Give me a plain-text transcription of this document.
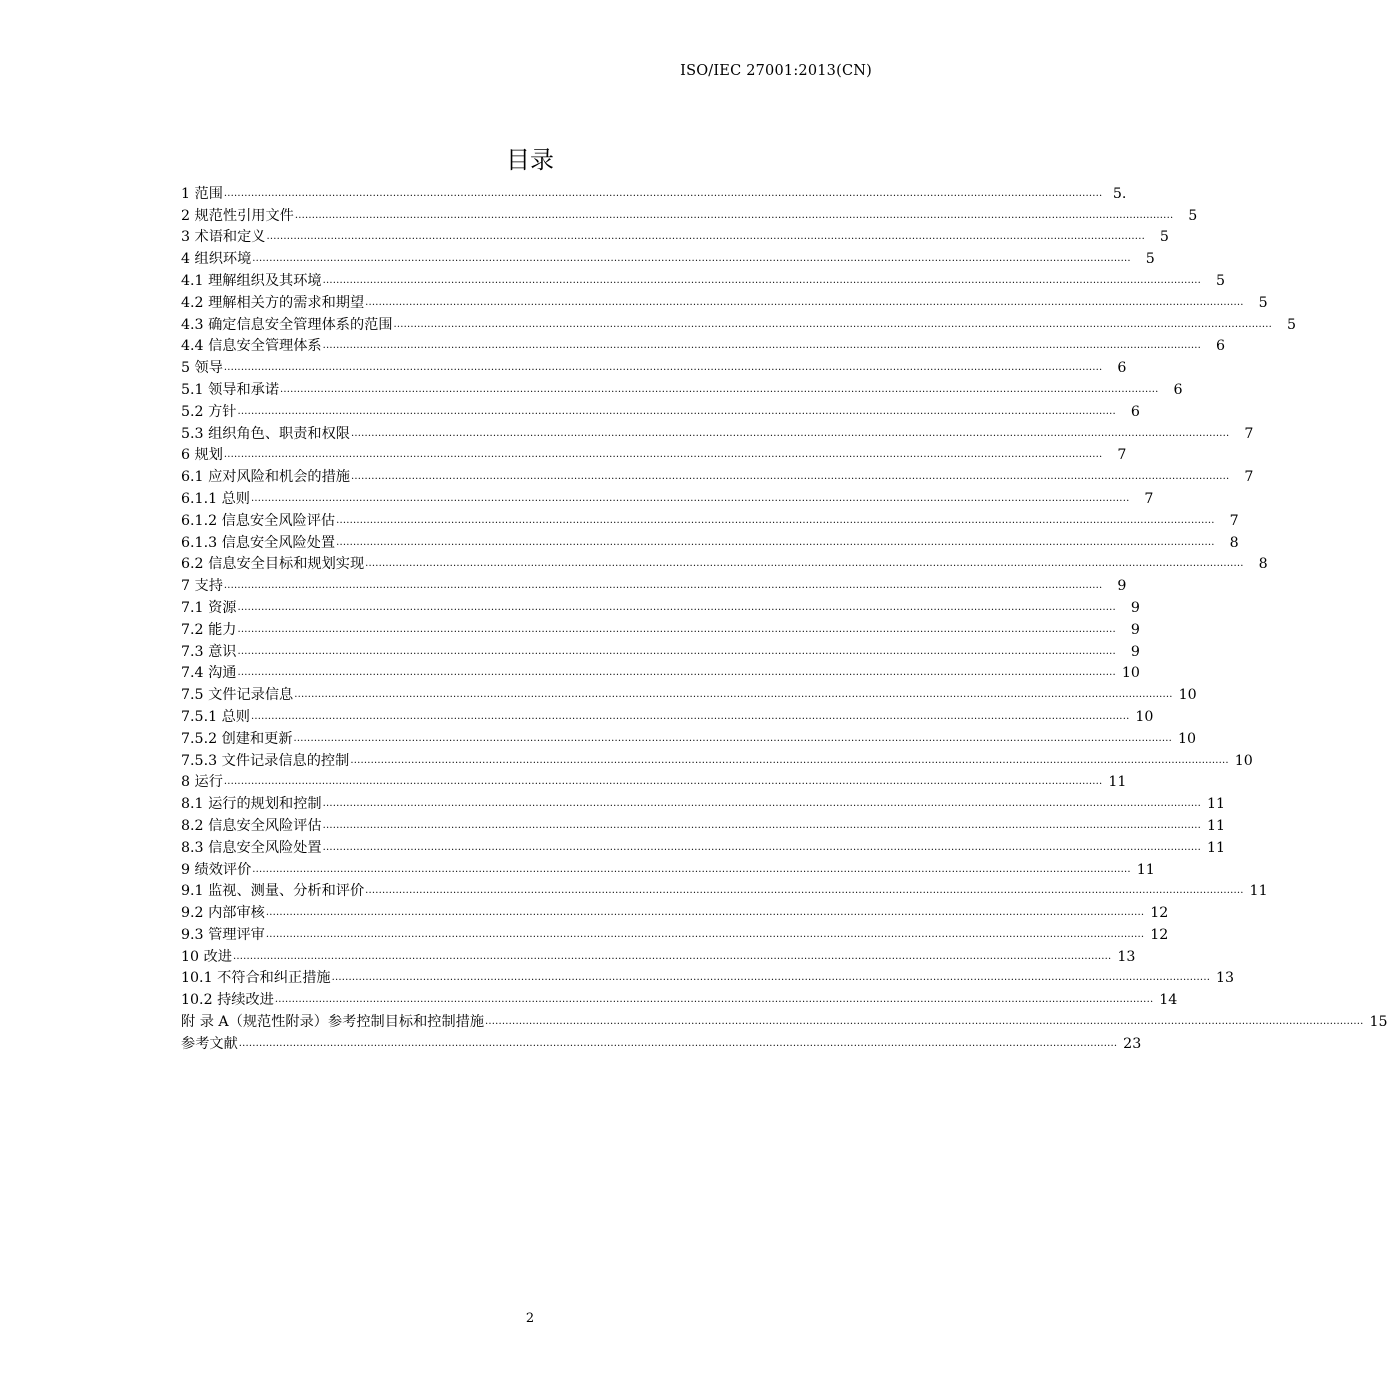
ISO/IEC 27001:2013(CN)
目录
1 范围 .................................................................................................................................................................................................................................................................... 5.
2 规范性引用文件 ....................................................................................................................................................................................................................................................................	5
3 术语和定义 ....................................................................................................................................................................................................................................................................	5
4 组织环境 ....................................................................................................................................................................................................................................................................	5
4.1 理解组织及其环境 ....................................................................................................................................................................................................................................................................	5
4.2 理解相关方的需求和期望 ....................................................................................................................................................................................................................................................................	5
4.3 确定信息安全管理体系的范围 ....................................................................................................................................................................................................................................................................	5
4.4 信息安全管理体系 ....................................................................................................................................................................................................................................................................	6
5 领导 ....................................................................................................................................................................................................................................................................	6
5.1 领导和承诺 ....................................................................................................................................................................................................................................................................	6
5.2 方针 ....................................................................................................................................................................................................................................................................	6
5.3 组织角色、职责和权限 ....................................................................................................................................................................................................................................................................	7
6 规划 ....................................................................................................................................................................................................................................................................	7
6.1 应对风险和机会的措施 ....................................................................................................................................................................................................................................................................	7
6.1.1 总则 ....................................................................................................................................................................................................................................................................	7
6.1.2 信息安全风险评估 ....................................................................................................................................................................................................................................................................	7
6.1.3 信息安全风险处置 ....................................................................................................................................................................................................................................................................	8
6.2 信息安全目标和规划实现 ....................................................................................................................................................................................................................................................................	8
7 支持 ....................................................................................................................................................................................................................................................................	9
7.1 资源 ....................................................................................................................................................................................................................................................................	9
7.2 能力 ....................................................................................................................................................................................................................................................................	9
7.3 意识 ....................................................................................................................................................................................................................................................................	9
7.4 沟通 .................................................................................................................................................................................................................................................................... 10
7.5 文件记录信息 .................................................................................................................................................................................................................................................................... 10
7.5.1 总则 .................................................................................................................................................................................................................................................................... 10
7.5.2 创建和更新 .................................................................................................................................................................................................................................................................... 10
7.5.3 文件记录信息的控制 .................................................................................................................................................................................................................................................................... 10
8 运行 .................................................................................................................................................................................................................................................................... 11
8.1 运行的规划和控制 .................................................................................................................................................................................................................................................................... 11
8.2 信息安全风险评估 .................................................................................................................................................................................................................................................................... 11
8.3 信息安全风险处置 .................................................................................................................................................................................................................................................................... 11
9 绩效评价 .................................................................................................................................................................................................................................................................... 11
9.1 监视、测量、分析和评价 .................................................................................................................................................................................................................................................................... 11
9.2 内部审核 .................................................................................................................................................................................................................................................................... 12
9.3 管理评审 .................................................................................................................................................................................................................................................................... 12
10 改进 .................................................................................................................................................................................................................................................................... 13
10.1 不符合和纠正措施 .................................................................................................................................................................................................................................................................... 13
10.2 持续改进 .................................................................................................................................................................................................................................................................... 14
附 录 A（规范性附录）参考控制目标和控制措施 .................................................................................................................................................................................................................................................................... 15
参考文献 .................................................................................................................................................................................................................................................................... 23
2
